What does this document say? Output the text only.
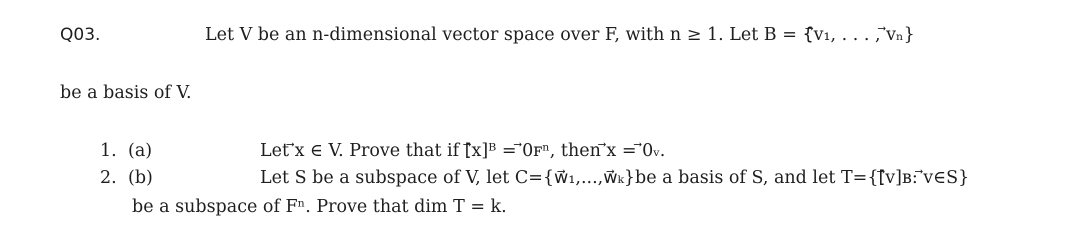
Q03.	Let V be an n-dimensional vector space over F, with n ≥ 1. Let B = {⃗v₁, . . . , ⃗vₙ}
be a basis of V.
1. (a)	Let ⃗x ∈ V. Prove that if [⃗x]ᴮ = ⃗0ꜰⁿ, then ⃗x = ⃗0ᵥ.
2. (b)	Let S be a subspace of V, let C={w⃗₁,...,w⃗ₖ}be a basis of S, and let T={[⃗v]ʙ: ⃗v∈S}
be a subspace of Fⁿ. Prove that dim T = k.
